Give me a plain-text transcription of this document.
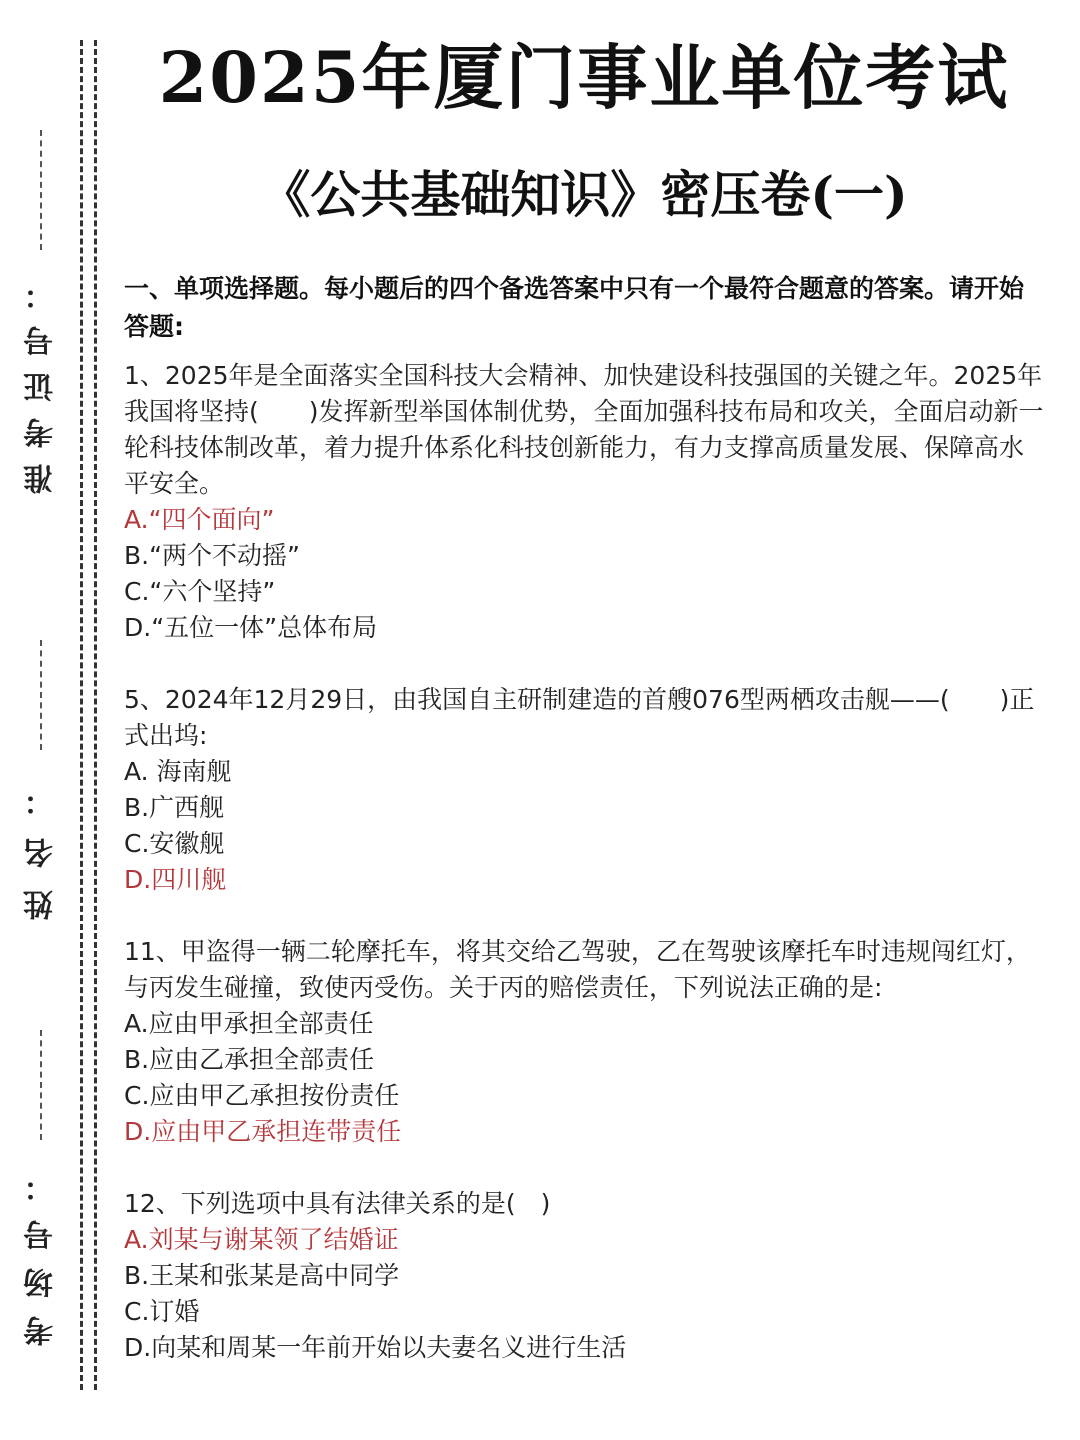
准考证号：
姓名：
考场号：
2025年厦门事业单位考试
《公共基础知识》密压卷(一)
一、单项选择题。每小题后的四个备选答案中只有一个最符合题意的答案。请开始答题:
1、2025年是全面落实全国科技大会精神、加快建设科技强国的关键之年。2025年我国将坚持(　　)发挥新型举国体制优势，全面加强科技布局和攻关，全面启动新一轮科技体制改革，着力提升体系化科技创新能力，有力支撑高质量发展、保障高水平安全。
A.“四个面向”
B.“两个不动摇”
C.“六个坚持”
D.“五位一体”总体布局
5、2024年12月29日，由我国自主研制建造的首艘076型两栖攻击舰——(　　)正式出坞:
A. 海南舰
B.广西舰
C.安徽舰
D.四川舰
11、甲盗得一辆二轮摩托车，将其交给乙驾驶，乙在驾驶该摩托车时违规闯红灯，与丙发生碰撞，致使丙受伤。关于丙的赔偿责任，下列说法正确的是:
A.应由甲承担全部责任
B.应由乙承担全部责任
C.应由甲乙承担按份责任
D.应由甲乙承担连带责任
12、下列选项中具有法律关系的是(　)
A.刘某与谢某领了结婚证
B.王某和张某是高中同学
C.订婚
D.向某和周某一年前开始以夫妻名义进行生活
